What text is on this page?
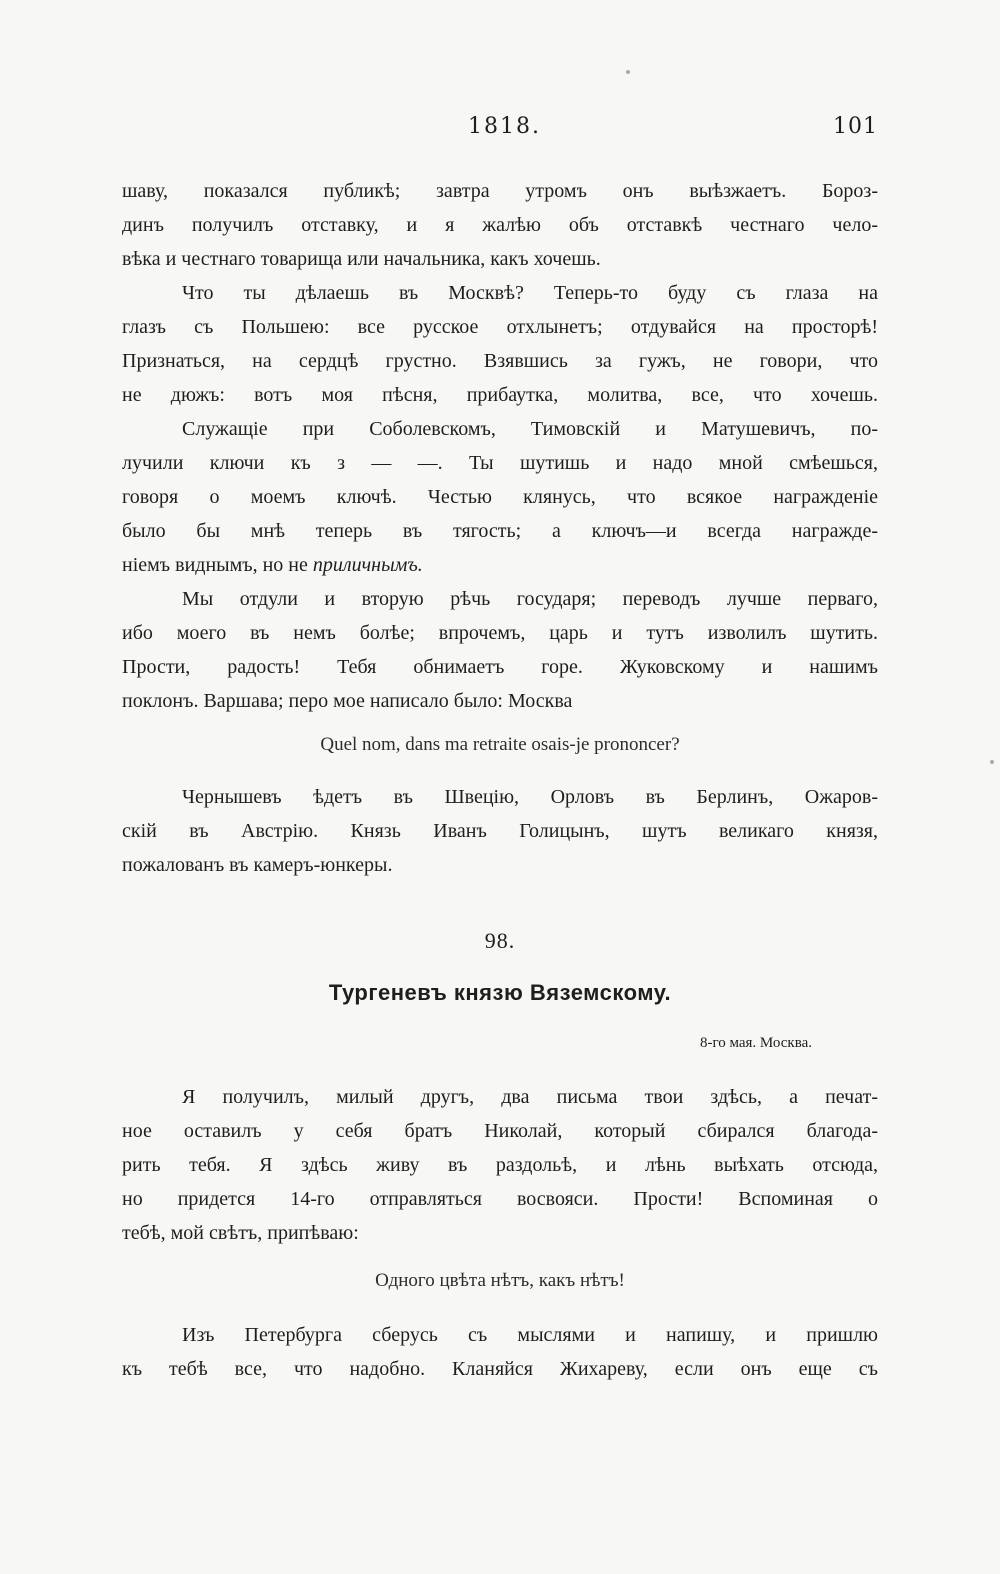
1818.	101
шаву, показался публикѣ; завтра утромъ онъ выѣзжаетъ. Бороз-
динъ получилъ отставку, и я жалѣю объ отставкѣ честнаго чело-
вѣка и честнаго товарища или начальника, какъ хочешь.
Что ты дѣлаешь въ Москвѣ? Теперь-то буду съ глаза на
глазъ съ Польшею: все русское отхлынетъ; отдувайся на просторѣ!
Признаться, на сердцѣ грустно. Взявшись за гужъ, не говори, что
не дюжъ: вотъ моя пѣсня, прибаутка, молитва, все, что хочешь.
Служащіе при Соболевскомъ, Тимовскій и Матушевичъ, по-
лучили ключи къ з — —. Ты шутишь и надо мной смѣешься,
говоря о моемъ ключѣ. Честью клянусь, что всякое награжденіе
было бы мнѣ теперь въ тягость; а ключъ—и всегда награжде-
ніемъ виднымъ, но не приличнымъ.
Мы отдули и вторую рѣчь государя; переводъ лучше перваго,
ибо моего въ немъ болѣе; впрочемъ, царь и тутъ изволилъ шутить.
Прости, радость! Тебя обнимаетъ горе. Жуковскому и нашимъ
поклонъ. Варшава; перо мое написало было: Москва
Quel nom, dans ma retraite osais-je prononcer?
Чернышевъ ѣдетъ въ Швецію, Орловъ въ Берлинъ, Ожаров-
скій въ Австрію. Князь Иванъ Голицынъ, шутъ великаго князя,
пожалованъ въ камеръ-юнкеры.
98.
Тургеневъ князю Вяземскому.
8-го мая. Москва.
Я получилъ, милый другъ, два письма твои здѣсь, а печат-
ное оставилъ у себя братъ Николай, который сбирался благода-
рить тебя. Я здѣсь живу въ раздольѣ, и лѣнь выѣхать отсюда,
но придется 14-го отправляться восвояси. Прости! Вспоминая о
тебѣ, мой свѣтъ, припѣваю:
Одного цвѣта нѣтъ, какъ нѣтъ!
Изъ Петербурга сберусь съ мыслями и напишу, и пришлю
къ тебѣ все, что надобно. Кланяйся Жихареву, если онъ еще съ
